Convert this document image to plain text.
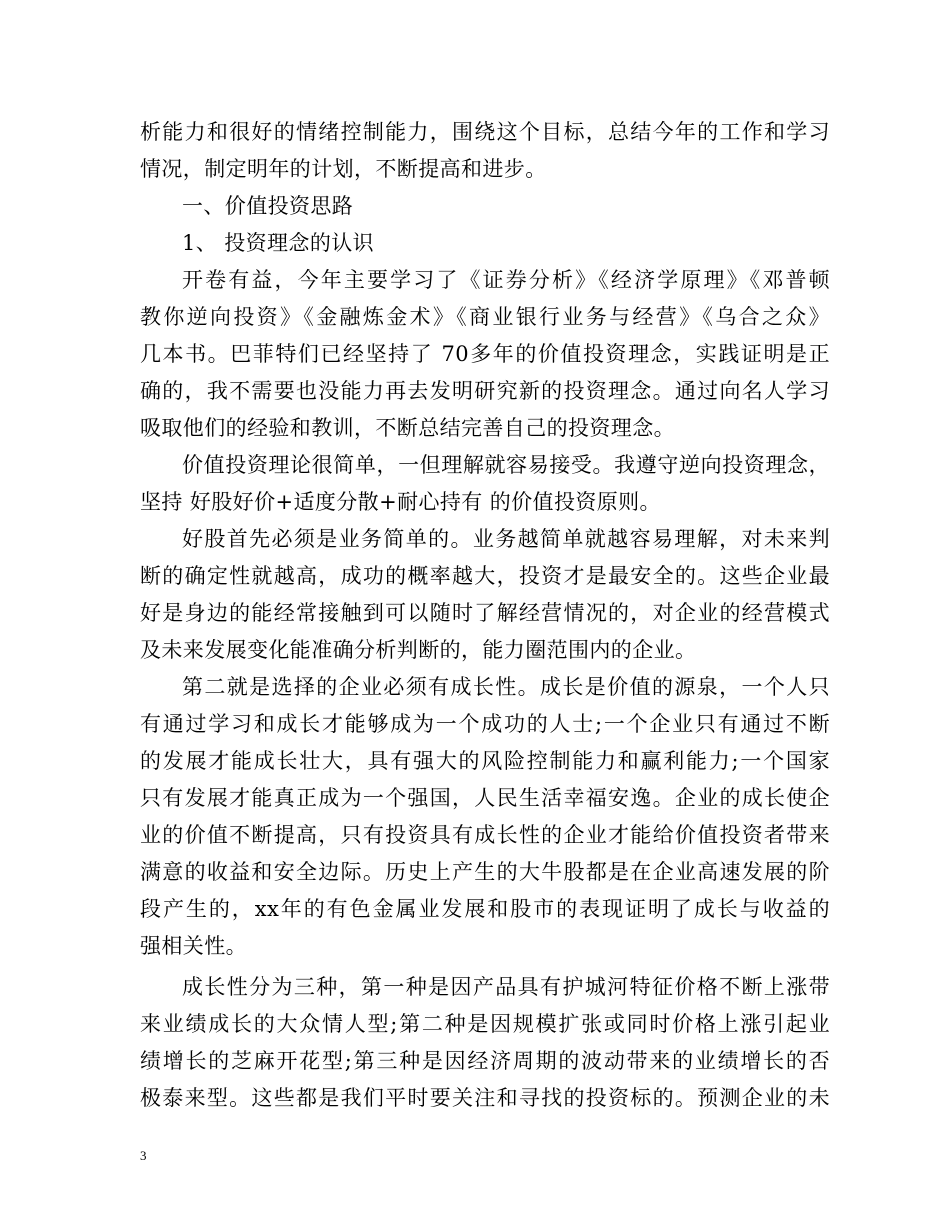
析能力和很好的情绪控制能力，围绕这个目标，总结今年的工作和学习
情况，制定明年的计划，不断提高和进步。
一、价值投资思路
1、 投资理念的认识
开卷有益，今年主要学习了《证券分析》《经济学原理》《邓普顿
教你逆向投资》《金融炼金术》《商业银行业务与经营》《乌合之众》
几本书。巴菲特们已经坚持了 70多年的价值投资理念，实践证明是正
确的，我不需要也没能力再去发明研究新的投资理念。通过向名人学习
吸取他们的经验和教训，不断总结完善自己的投资理念。
价值投资理论很简单，一但理解就容易接受。我遵守逆向投资理念，
坚持 好股好价+适度分散+耐心持有 的价值投资原则。
好股首先必须是业务简单的。业务越简单就越容易理解，对未来判
断的确定性就越高，成功的概率越大，投资才是最安全的。这些企业最
好是身边的能经常接触到可以随时了解经营情况的，对企业的经营模式
及未来发展变化能准确分析判断的，能力圈范围内的企业。
第二就是选择的企业必须有成长性。成长是价值的源泉，一个人只
有通过学习和成长才能够成为一个成功的人士;一个企业只有通过不断
的发展才能成长壮大，具有强大的风险控制能力和赢利能力;一个国家
只有发展才能真正成为一个强国，人民生活幸福安逸。企业的成长使企
业的价值不断提高，只有投资具有成长性的企业才能给价值投资者带来
满意的收益和安全边际。历史上产生的大牛股都是在企业高速发展的阶
段产生的，xx年的有色金属业发展和股市的表现证明了成长与收益的
强相关性。
成长性分为三种，第一种是因产品具有护城河特征价格不断上涨带
来业绩成长的大众情人型;第二种是因规模扩张或同时价格上涨引起业
绩增长的芝麻开花型;第三种是因经济周期的波动带来的业绩增长的否
极泰来型。这些都是我们平时要关注和寻找的投资标的。预测企业的未
3
